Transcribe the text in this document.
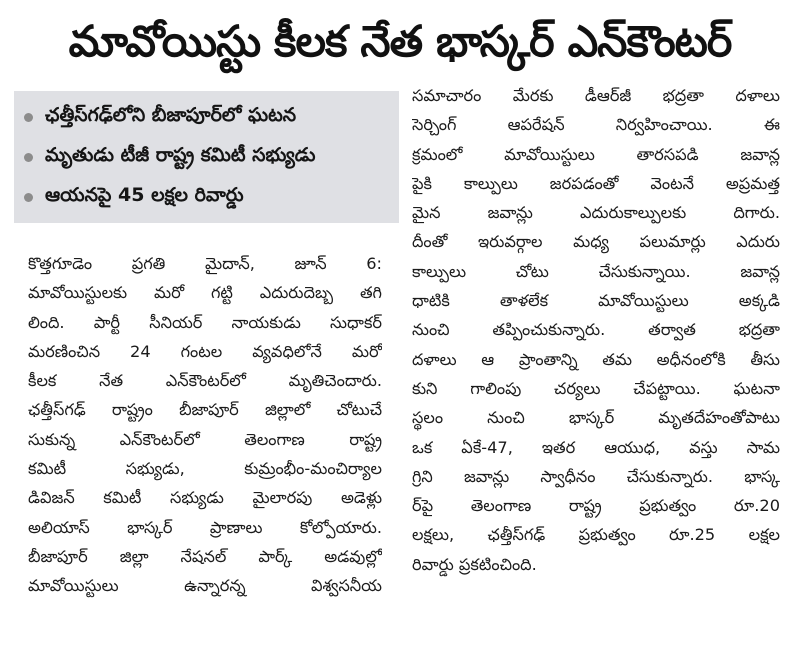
మావోయిస్టు కీలక నేత భాస్కర్ ఎన్‌కౌంటర్
ఛత్తీస్‌గఢ్‌లోని బీజాపూర్‌లో ఘటన
మృతుడు టీజీ రాష్ట్ర కమిటీ సభ్యుడు
ఆయనపై 45 లక్షల రివార్డు
కొత్తగూడెం ప్రగతి మైదాన్, జూన్ 6:
మావోయిస్టులకు మరో గట్టి ఎదురుదెబ్బ తగి
లింది. పార్టీ సీనియర్ నాయకుడు సుధాకర్
మరణించిన 24 గంటల వ్యవధిలోనే మరో
కీలక నేత ఎన్‌కౌంటర్‌లో మృతిచెందారు.
ఛత్తీస్‌గఢ్ రాష్ట్రం బీజాపూర్ జిల్లాలో చోటుచే
సుకున్న ఎన్‌కౌంటర్‌లో తెలంగాణ రాష్ట్ర
కమిటీ సభ్యుడు, కుమ్రంభీం-మంచిర్యాల
డివిజన్ కమిటీ సభ్యుడు మైలారపు అడెళ్లు
అలియాస్ భాస్కర్ ప్రాణాలు కోల్పోయారు.
బీజాపూర్ జిల్లా నేషనల్ పార్క్ అడవుల్లో
మావోయిస్టులు ఉన్నారన్న విశ్వసనీయ
సమాచారం మేరకు డీఆర్‌జీ భద్రతా దళాలు
సెర్చింగ్ ఆపరేషన్ నిర్వహించాయి. ఈ
క్రమంలో మావోయిస్టులు తారసపడి జవాన్ల
పైకి కాల్పులు జరపడంతో వెంటనే అప్రమత్త
మైన జవాన్లు ఎదురుకాల్పులకు దిగారు.
దీంతో ఇరువర్గాల మధ్య పలుమార్లు ఎదురు
కాల్పులు చోటు చేసుకున్నాయి. జవాన్ల
ధాటికి తాళలేక మావోయిస్టులు అక్కడి
నుంచి తప్పించుకున్నారు. తర్వాత భద్రతా
దళాలు ఆ ప్రాంతాన్ని తమ అధీనంలోకి తీసు
కుని గాలింపు చర్యలు చేపట్టాయి. ఘటనా
స్థలం నుంచి భాస్కర్ మృతదేహంతోపాటు
ఒక ఏకే-47, ఇతర ఆయుధ, వస్తు సామ
గ్రిని జవాన్లు స్వాధీనం చేసుకున్నారు. భాస్క
ర్‌పై తెలంగాణ రాష్ట్ర ప్రభుత్వం రూ.20
లక్షలు, ఛత్తీస్‌గఢ్ ప్రభుత్వం రూ.25 లక్షల
రివార్డు ప్రకటించింది.
